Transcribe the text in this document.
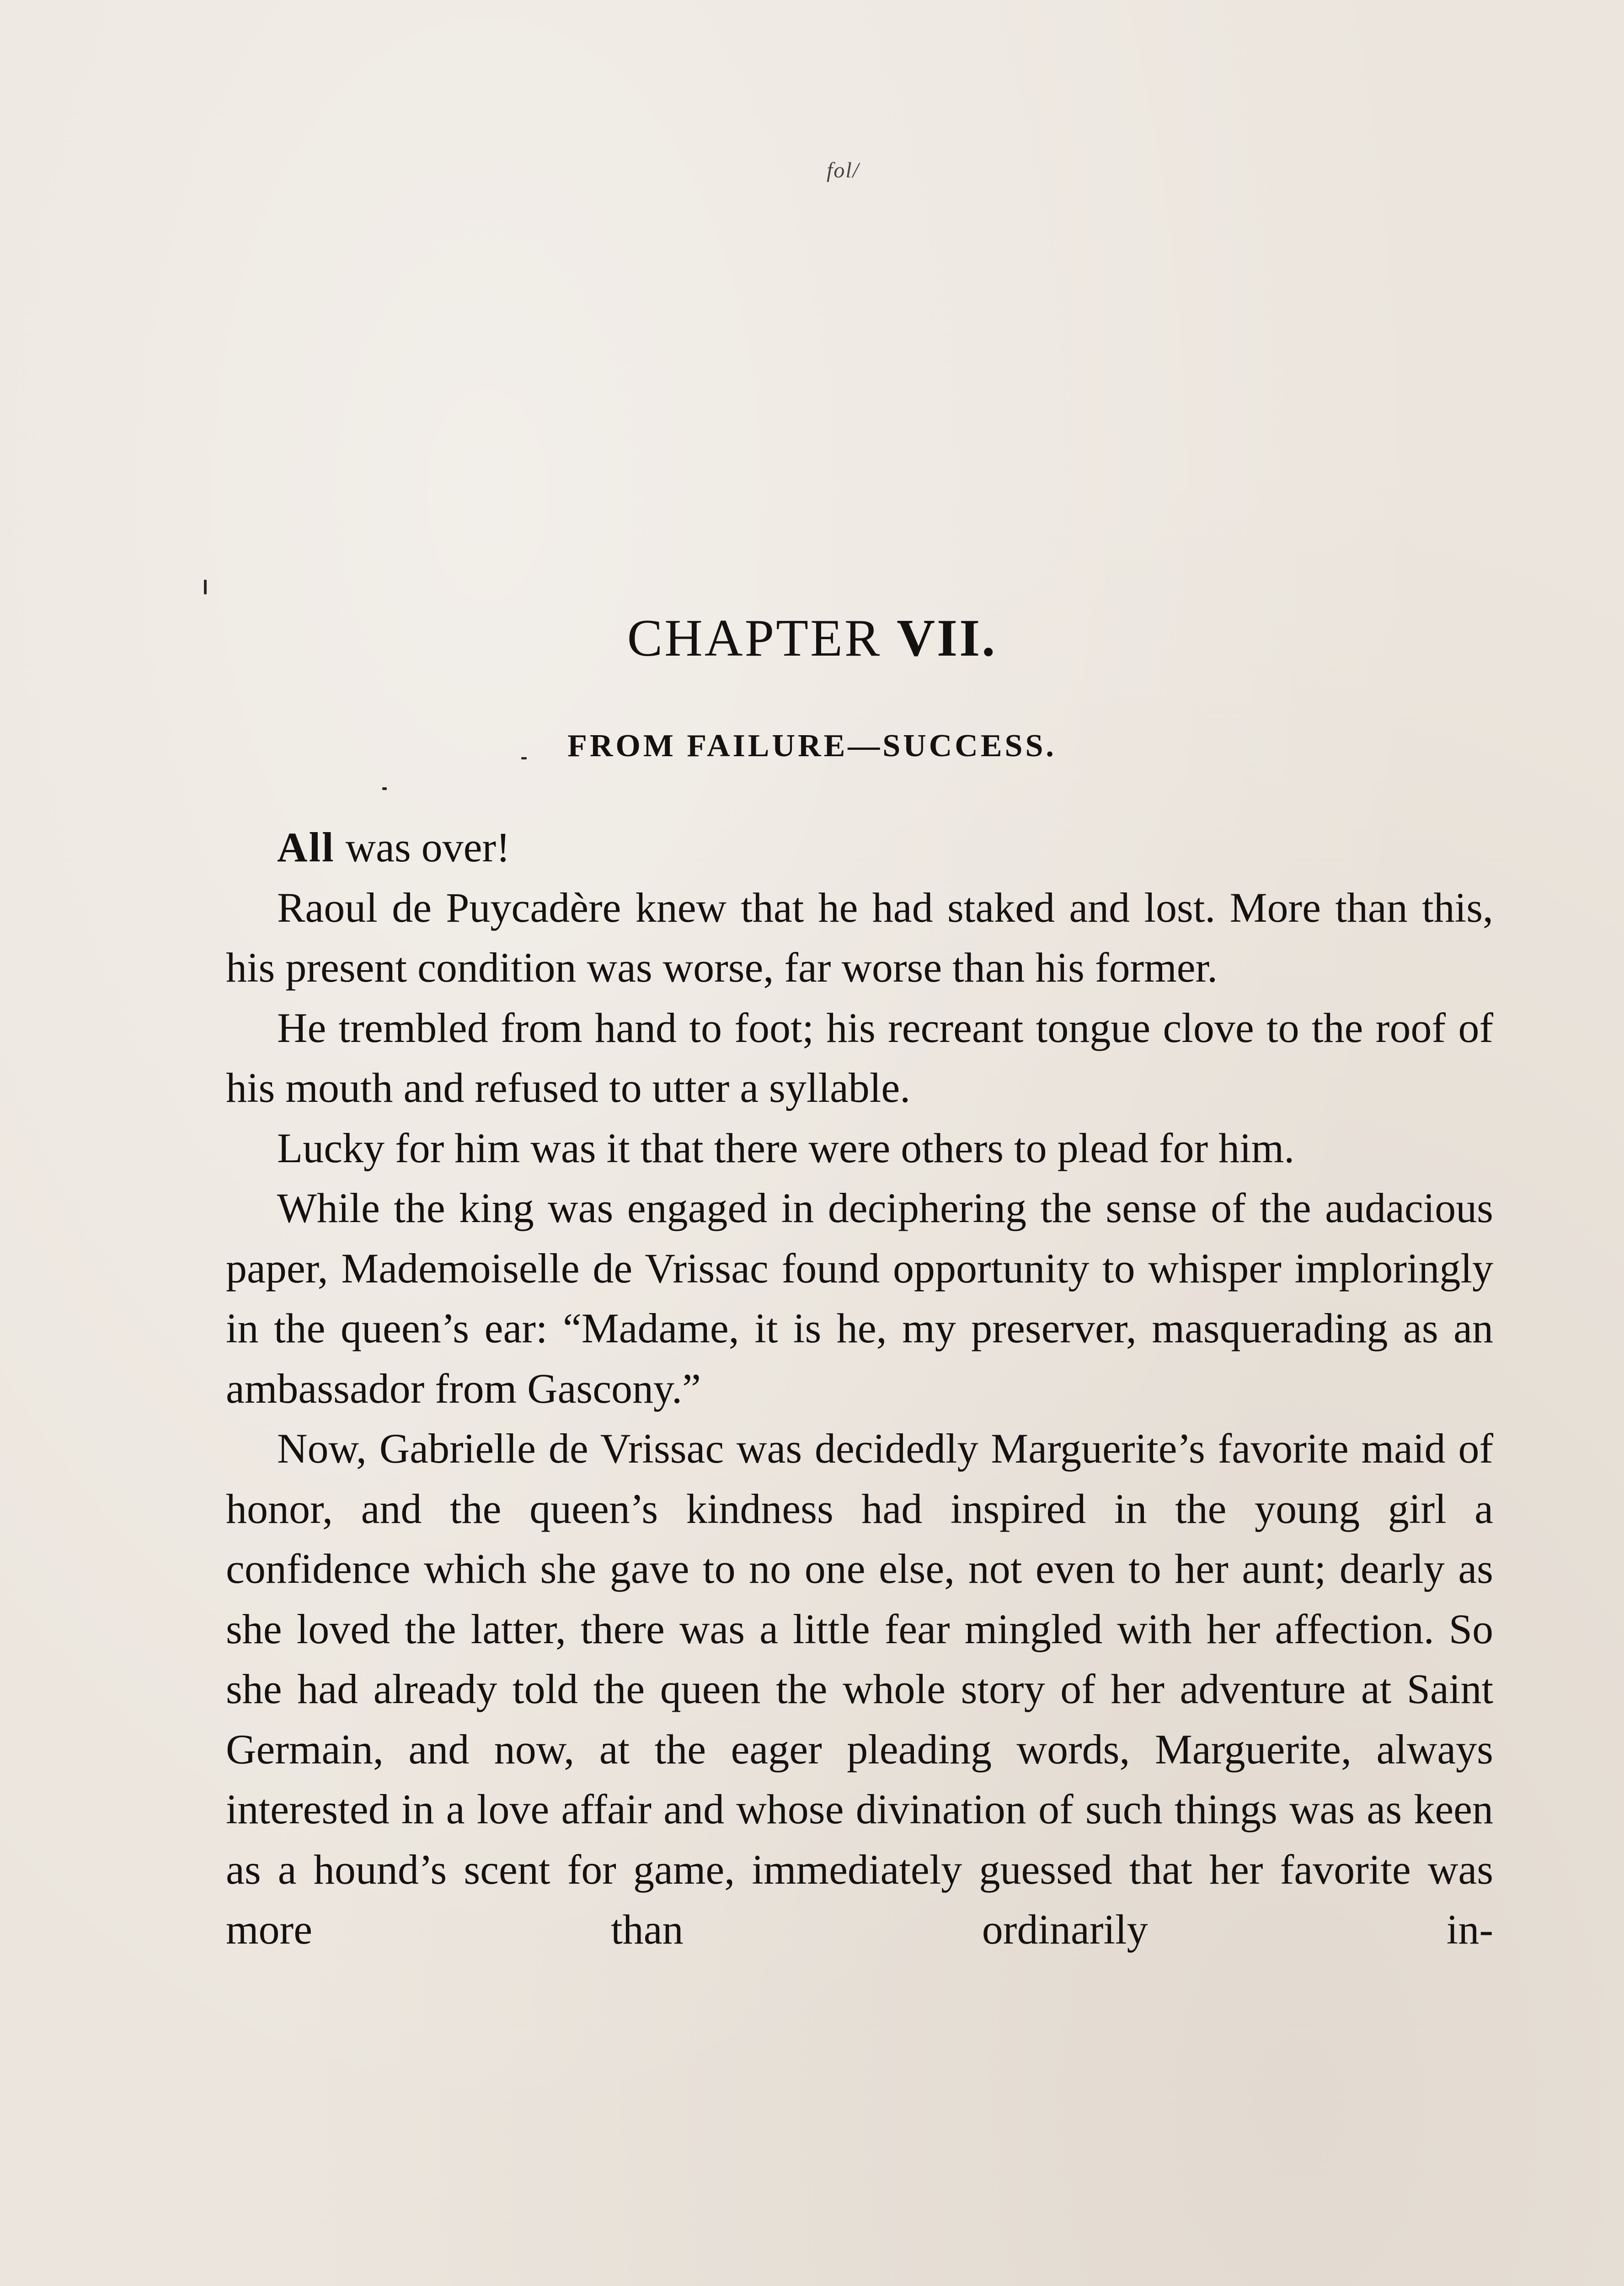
fol/
CHAPTER VII.
FROM FAILURE—SUCCESS.

All was over!

Raoul de Puycadère knew that he had staked and lost. More than this, his present condition was worse, far worse than his former.

He trembled from hand to foot; his recreant tongue clove to the roof of his mouth and refused to utter a syllable.

Lucky for him was it that there were others to plead for him.

While the king was engaged in deciphering the sense of the audacious paper, Mademoiselle de Vrissac found opportunity to whisper imploringly in the queen’s ear: “Madame, it is he, my preserver, masquerading as an ambassador from Gascony.”

Now, Gabrielle de Vrissac was decidedly Marguerite’s favorite maid of honor, and the queen’s kindness had inspired in the young girl a confidence which she gave to no one else, not even to her aunt; dearly as she loved the latter, there was a little fear mingled with her affection. So she had already told the queen the whole story of her adventure at Saint Germain, and now, at the eager pleading words, Marguerite, always interested in a love affair and whose divination of such things was as keen as a hound’s scent for game, immediately guessed that her favorite was more than ordinarily in-
